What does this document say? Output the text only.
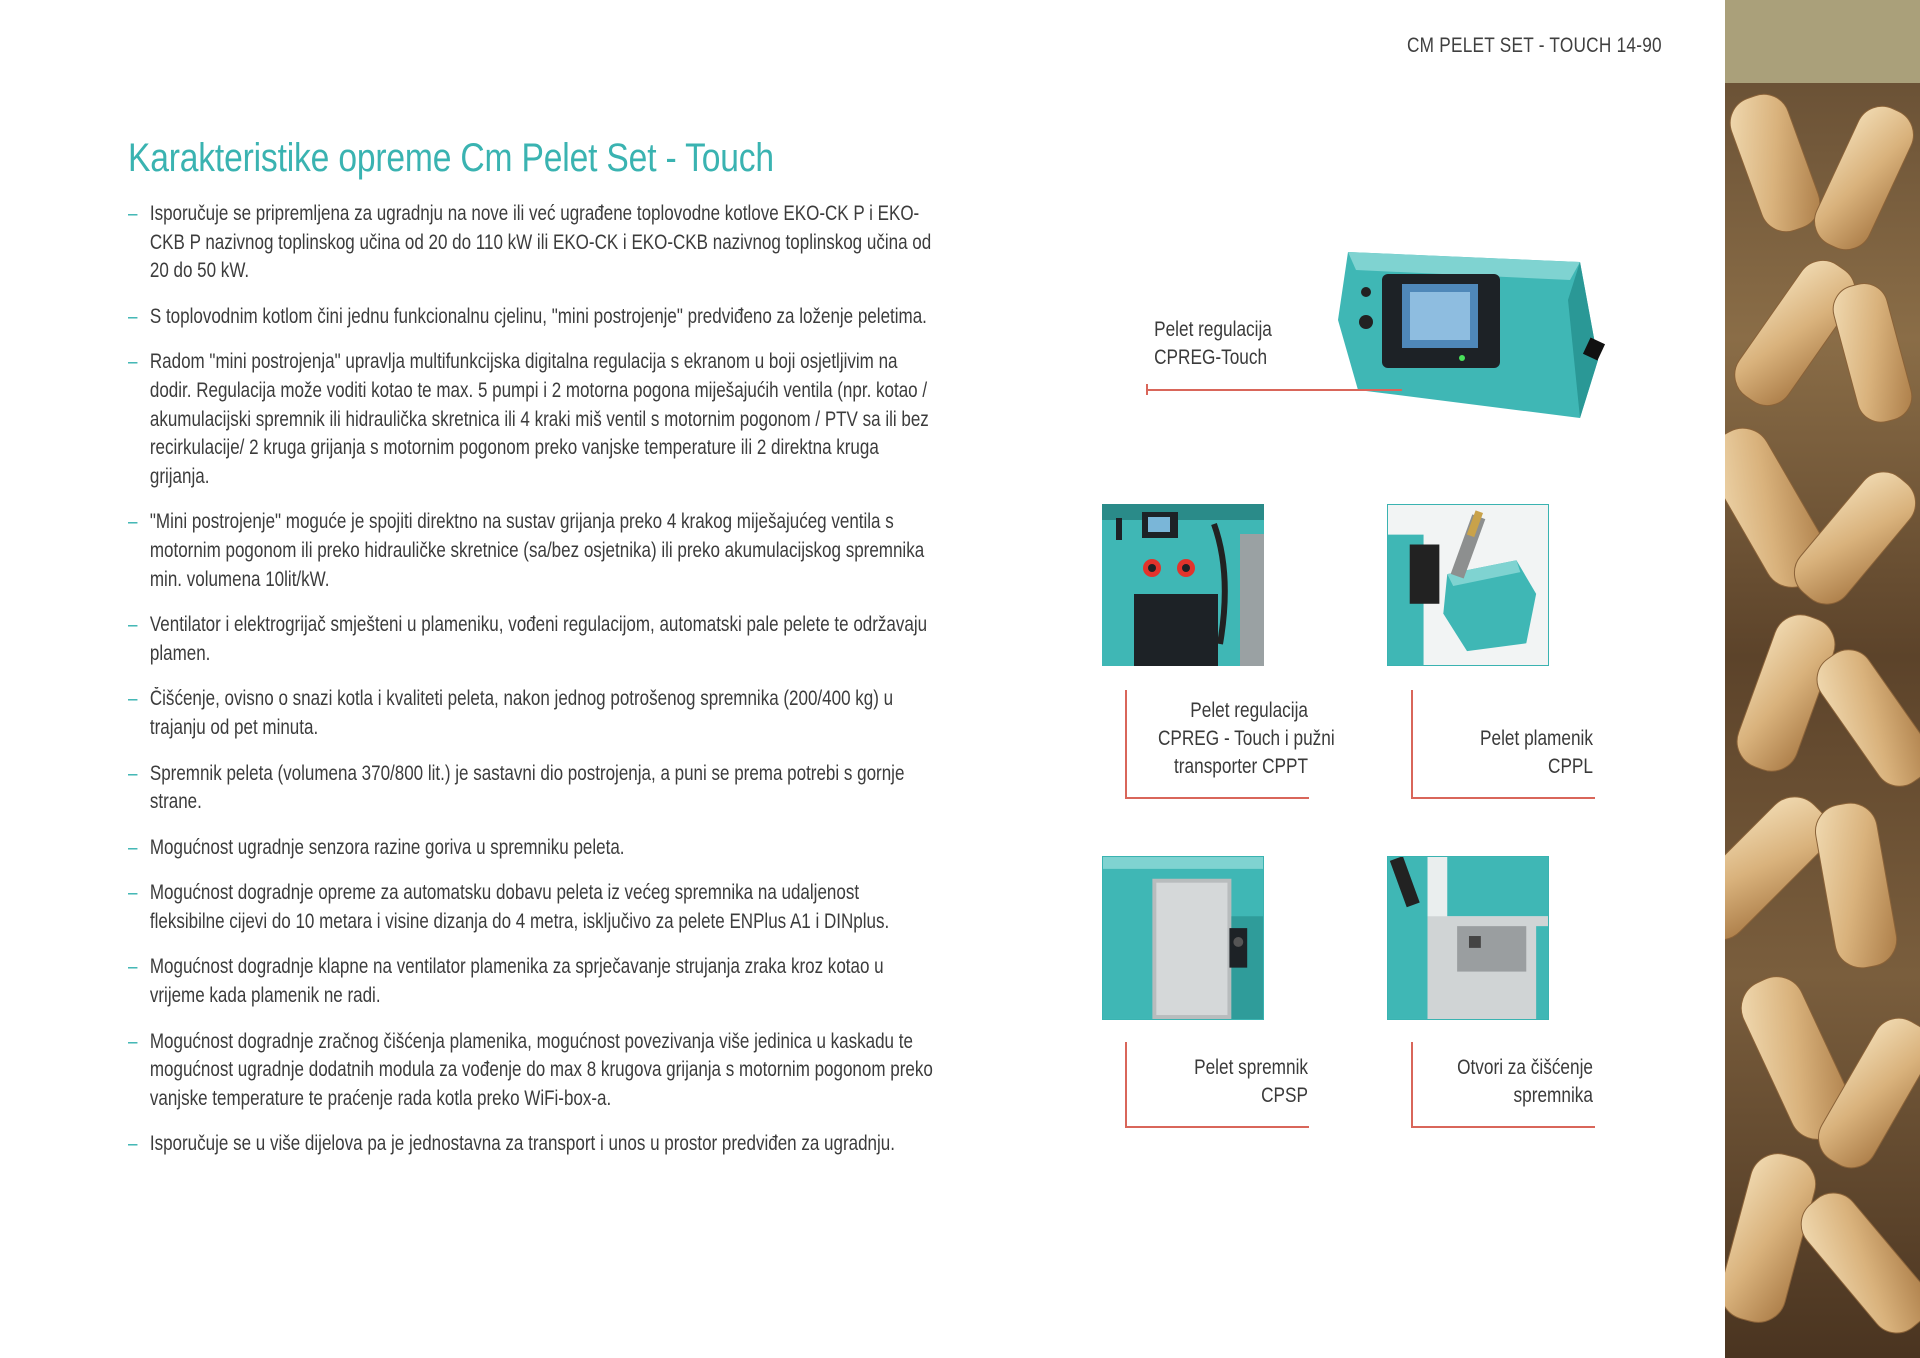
CM PELET SET - TOUCH 14-90
Karakteristike opreme Cm Pelet Set - Touch
– Isporučuje se pripremljena za ugradnju na nove ili već ugrađene toplovodne kotlove EKO-CK P i EKO-CKB P nazivnog toplinskog učina od 20 do 110 kW ili EKO-CK i EKO-CKB nazivnog toplinskog učina od 20 do 50 kW.
– S toplovodnim kotlom čini jednu funkcionalnu cjelinu, "mini postrojenje" predviđeno za loženje peletima.
– Radom "mini postrojenja" upravlja multifunkcijska digitalna regulacija s ekranom u boji osjetljivim na dodir. Regulacija može voditi kotao te max. 5 pumpi i 2 motorna pogona miješajućih ventila (npr. kotao / akumulacijski spremnik ili hidraulička skretnica ili 4 kraki miš ventil s motornim pogonom / PTV sa ili bez recirkulacije/ 2 kruga grijanja s motornim pogonom preko vanjske temperature ili 2 direktna kruga grijanja.
– "Mini postrojenje" moguće je spojiti direktno na sustav grijanja preko 4 krakog miješajućeg ventila s motornim pogonom ili preko hidrauličke skretnice (sa/bez osjetnika) ili preko akumulacijskog spremnika min. volumena 10lit/kW.
– Ventilator i elektrogrijač smješteni u plameniku, vođeni regulacijom, automatski pale pelete te održavaju plamen.
– Čišćenje, ovisno o snazi kotla i kvaliteti peleta, nakon jednog potrošenog spremnika (200/400 kg) u trajanju od pet minuta.
– Spremnik peleta (volumena 370/800 lit.) je sastavni dio postrojenja, a puni se prema potrebi s gornje strane.
– Mogućnost ugradnje senzora razine goriva u spremniku peleta.
– Mogućnost dogradnje opreme za automatsku dobavu peleta iz većeg spremnika na udaljenost fleksibilne cijevi do 10 metara i visine dizanja do 4 metra, isključivo za pelete ENPlus A1 i DINplus.
– Mogućnost dogradnje klapne na ventilator plamenika za sprječavanje strujanja zraka kroz kotao u vrijeme kada plamenik ne radi.
– Mogućnost dogradnje zračnog čišćenja plamenika, mogućnost povezivanja više jedinica u kaskadu te mogućnost ugradnje dodatnih modula za vođenje do max 8 krugova grijanja s motornim pogonom preko vanjske temperature te praćenje rada kotla preko WiFi-box-a.
– Isporučuje se u više dijelova pa je jednostavna za transport i unos u prostor predviđen za ugradnju.
Pelet regulacija
CPREG-Touch
Pelet regulacija
CPREG - Touch i pužni
transporter CPPT
Pelet plamenik
CPPL
Pelet spremnik
CPSP
Otvori za čišćenje
spremnika
